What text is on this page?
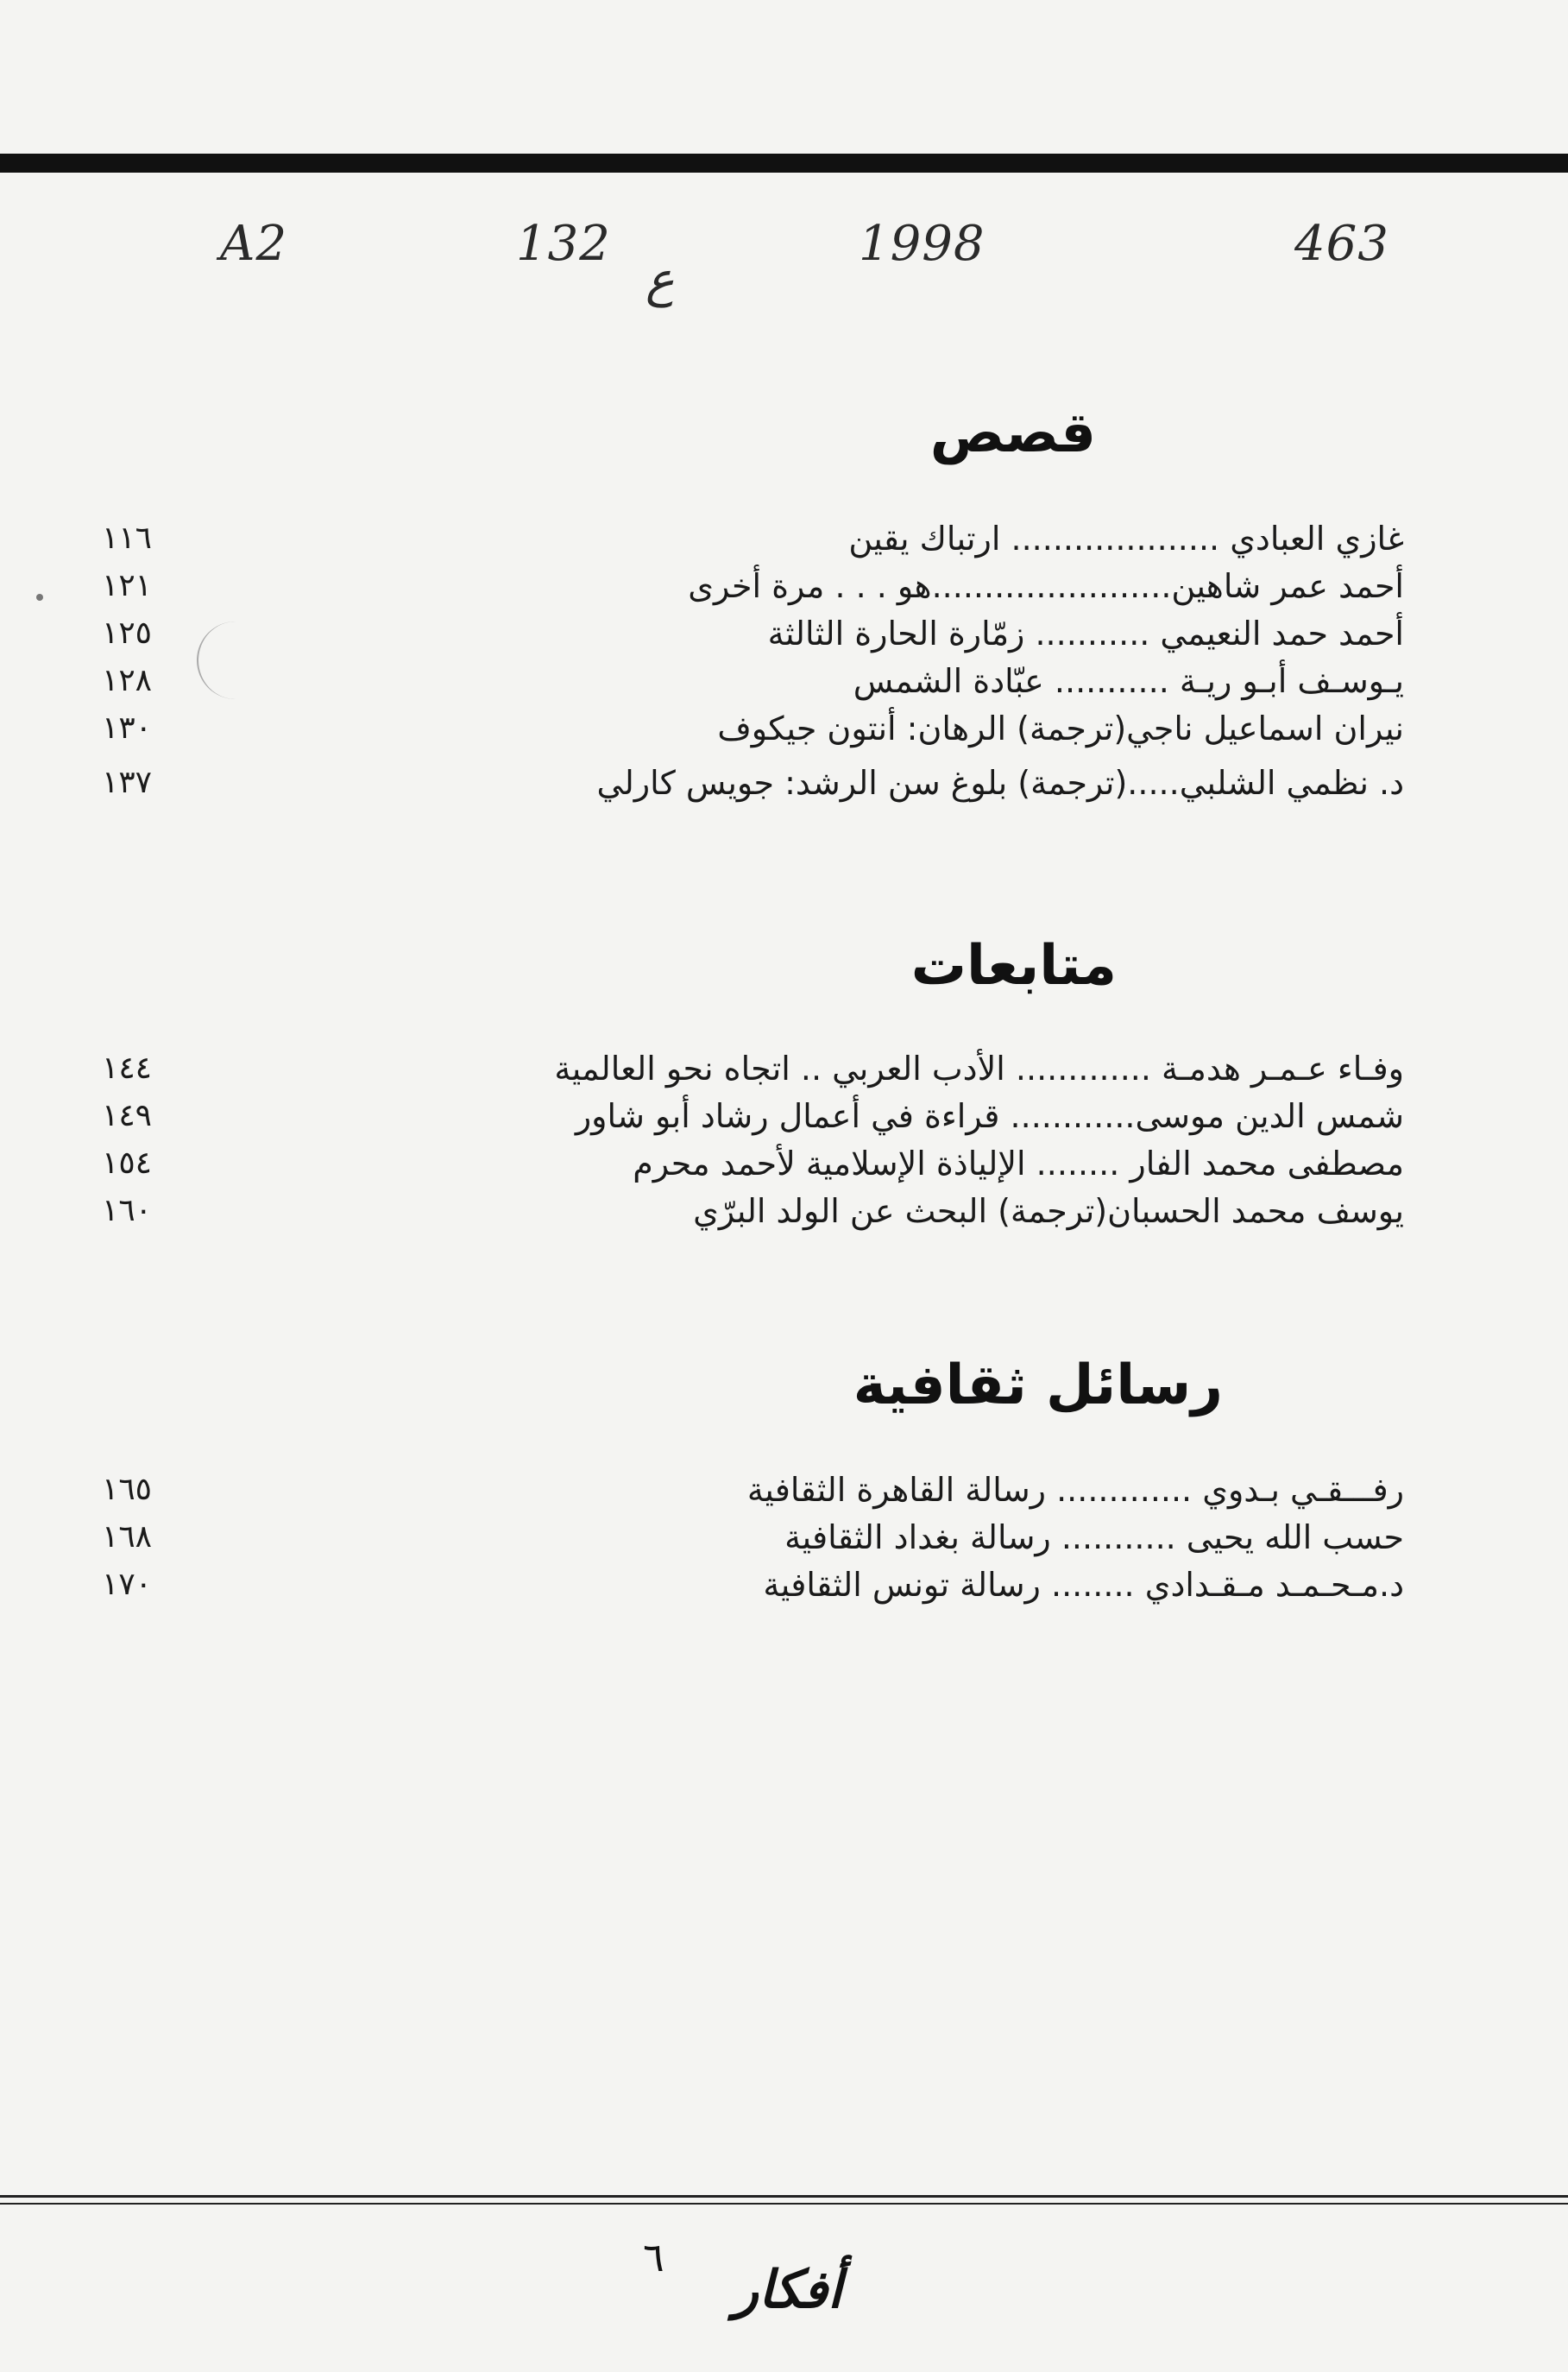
A2	132
ع
1998	463
قصص
غازي العبادي .................... ارتباك يقين
١١٦
أحمد عمر شاهين.......................هو . . . مرة أخرى
١٢١
أحمد حمد النعيمي ........... زمّارة الحارة الثالثة
١٢٥
يـوسـف أبـو ريـة ........... عبّادة الشمس
١٢٨
نيران اسماعيل ناجي(ترجمة) الرهان: أنتون جيكوف
١٣٠
د. نظمي الشلبي.....(ترجمة) بلوغ سن الرشد: جويس كارلي
١٣٧
متابعات
وفـاء عـمـر هدمـة ............. الأدب العربي .. اتجاه نحو العالمية
١٤٤
شمس الدين موسى............ قراءة في أعمال رشاد أبو شاور
١٤٩
مصطفى محمد الفار ........ الإلياذة الإسلامية لأحمد محرم
١٥٤
يوسف محمد الحسبان(ترجمة) البحث عن الولد البرّي
١٦٠
رسائل ثقافية
رفـــقـي بـدوي ............. رسالة القاهرة الثقافية
١٦٥
حسب الله يحيى ........... رسالة بغداد الثقافية
١٦٨
د.مـحـمـد مـقـدادي ........ رسالة تونس الثقافية
١٧٠
٦
أفكار
